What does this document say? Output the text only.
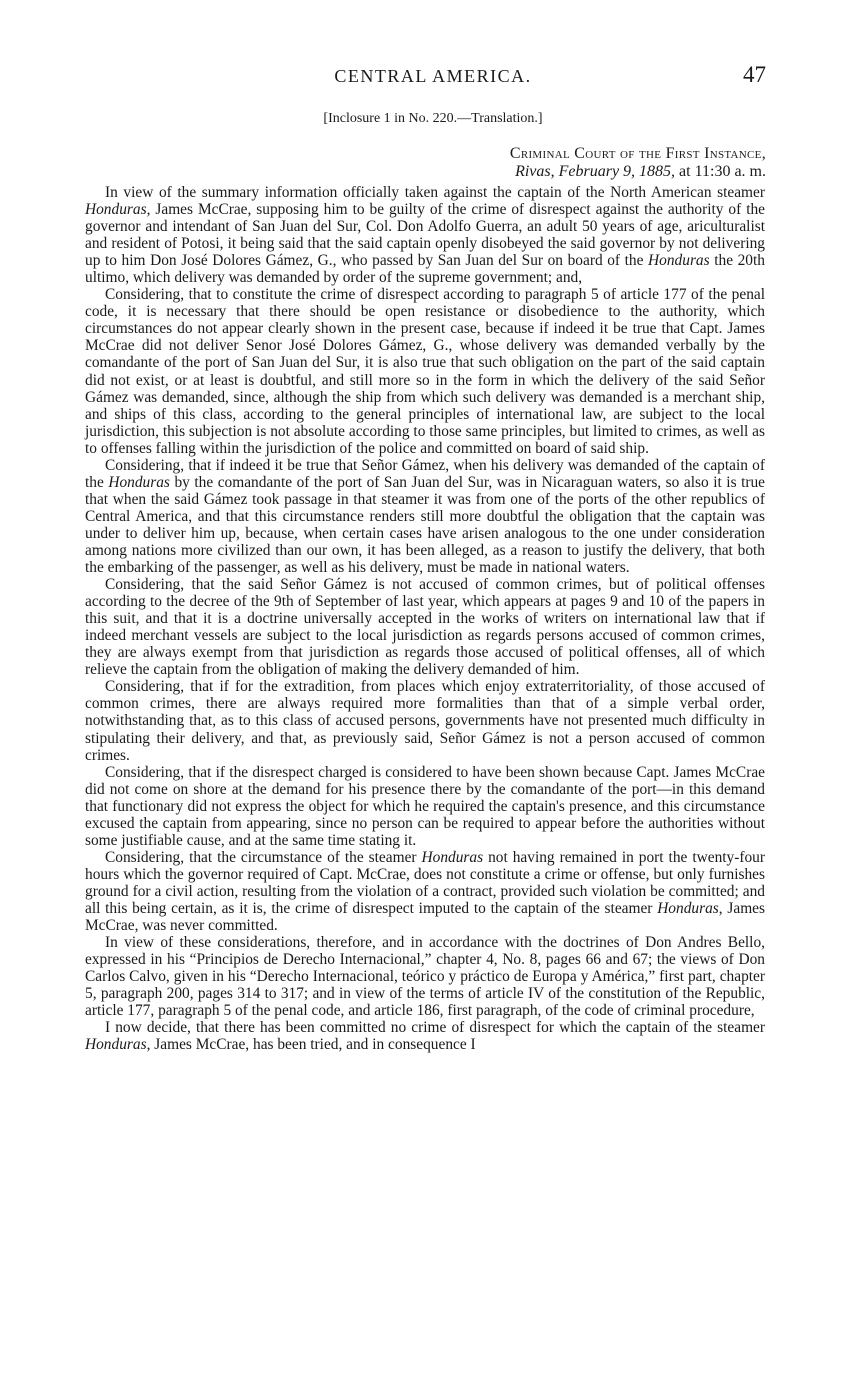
CENTRAL AMERICA.	47
[Inclosure 1 in No. 220.—Translation.]
Criminal Court of the First Instance,
Rivas, February 9, 1885, at 11:30 a. m.

In view of the summary information officially taken against the captain of the North American steamer Honduras, James McCrae, supposing him to be guilty of the crime of disrespect against the authority of the governor and intendant of San Juan del Sur, Col. Don Adolfo Guerra, an adult 50 years of age, ariculturalist and resident of Potosi, it being said that the said captain openly disobeyed the said governor by not delivering up to him Don José Dolores Gámez, G., who passed by San Juan del Sur on board of the Honduras the 20th ultimo, which delivery was demanded by order of the supreme government; and,

Considering, that to constitute the crime of disrespect according to paragraph 5 of article 177 of the penal code, it is necessary that there should be open resistance or disobedience to the authority, which circumstances do not appear clearly shown in the present case, because if indeed it be true that Capt. James McCrae did not deliver Senor José Dolores Gámez, G., whose delivery was demanded verbally by the comandante of the port of San Juan del Sur, it is also true that such obligation on the part of the said captain did not exist, or at least is doubtful, and still more so in the form in which the delivery of the said Señor Gámez was demanded, since, although the ship from which such delivery was demanded is a merchant ship, and ships of this class, according to the general principles of international law, are subject to the local jurisdiction, this subjection is not absolute according to those same principles, but limited to crimes, as well as to offenses falling within the jurisdiction of the police and committed on board of said ship.

Considering, that if indeed it be true that Señor Gámez, when his delivery was demanded of the captain of the Honduras by the comandante of the port of San Juan del Sur, was in Nicaraguan waters, so also it is true that when the said Gámez took passage in that steamer it was from one of the ports of the other republics of Central America, and that this circumstance renders still more doubtful the obligation that the captain was under to deliver him up, because, when certain cases have arisen analogous to the one under consideration among nations more civilized than our own, it has been alleged, as a reason to justify the delivery, that both the embarking of the passenger, as well as his delivery, must be made in national waters.

Considering, that the said Señor Gámez is not accused of common crimes, but of political offenses according to the decree of the 9th of September of last year, which appears at pages 9 and 10 of the papers in this suit, and that it is a doctrine universally accepted in the works of writers on international law that if indeed merchant vessels are subject to the local jurisdiction as regards persons accused of common crimes, they are always exempt from that jurisdiction as regards those accused of political offenses, all of which relieve the captain from the obligation of making the delivery demanded of him.

Considering, that if for the extradition, from places which enjoy extraterritoriality, of those accused of common crimes, there are always required more formalities than that of a simple verbal order, notwithstanding that, as to this class of accused persons, governments have not presented much difficulty in stipulating their delivery, and that, as previously said, Señor Gámez is not a person accused of common crimes.

Considering, that if the disrespect charged is considered to have been shown because Capt. James McCrae did not come on shore at the demand for his presence there by the comandante of the port—in this demand that functionary did not express the object for which he required the captain's presence, and this circumstance excused the captain from appearing, since no person can be required to appear before the authorities without some justifiable cause, and at the same time stating it.

Considering, that the circumstance of the steamer Honduras not having remained in port the twenty-four hours which the governor required of Capt. McCrae, does not constitute a crime or offense, but only furnishes ground for a civil action, resulting from the violation of a contract, provided such violation be committed; and all this being certain, as it is, the crime of disrespect imputed to the captain of the steamer Honduras, James McCrae, was never committed.

In view of these considerations, therefore, and in accordance with the doctrines of Don Andres Bello, expressed in his “Principios de Derecho Internacional,” chapter 4, No. 8, pages 66 and 67; the views of Don Carlos Calvo, given in his “Derecho Internacional, teórico y práctico de Europa y América,” first part, chapter 5, paragraph 200, pages 314 to 317; and in view of the terms of article IV of the constitution of the Republic, article 177, paragraph 5 of the penal code, and article 186, first paragraph, of the code of criminal procedure,

I now decide, that there has been committed no crime of disrespect for which the captain of the steamer Honduras, James McCrae, has been tried, and in consequence I
